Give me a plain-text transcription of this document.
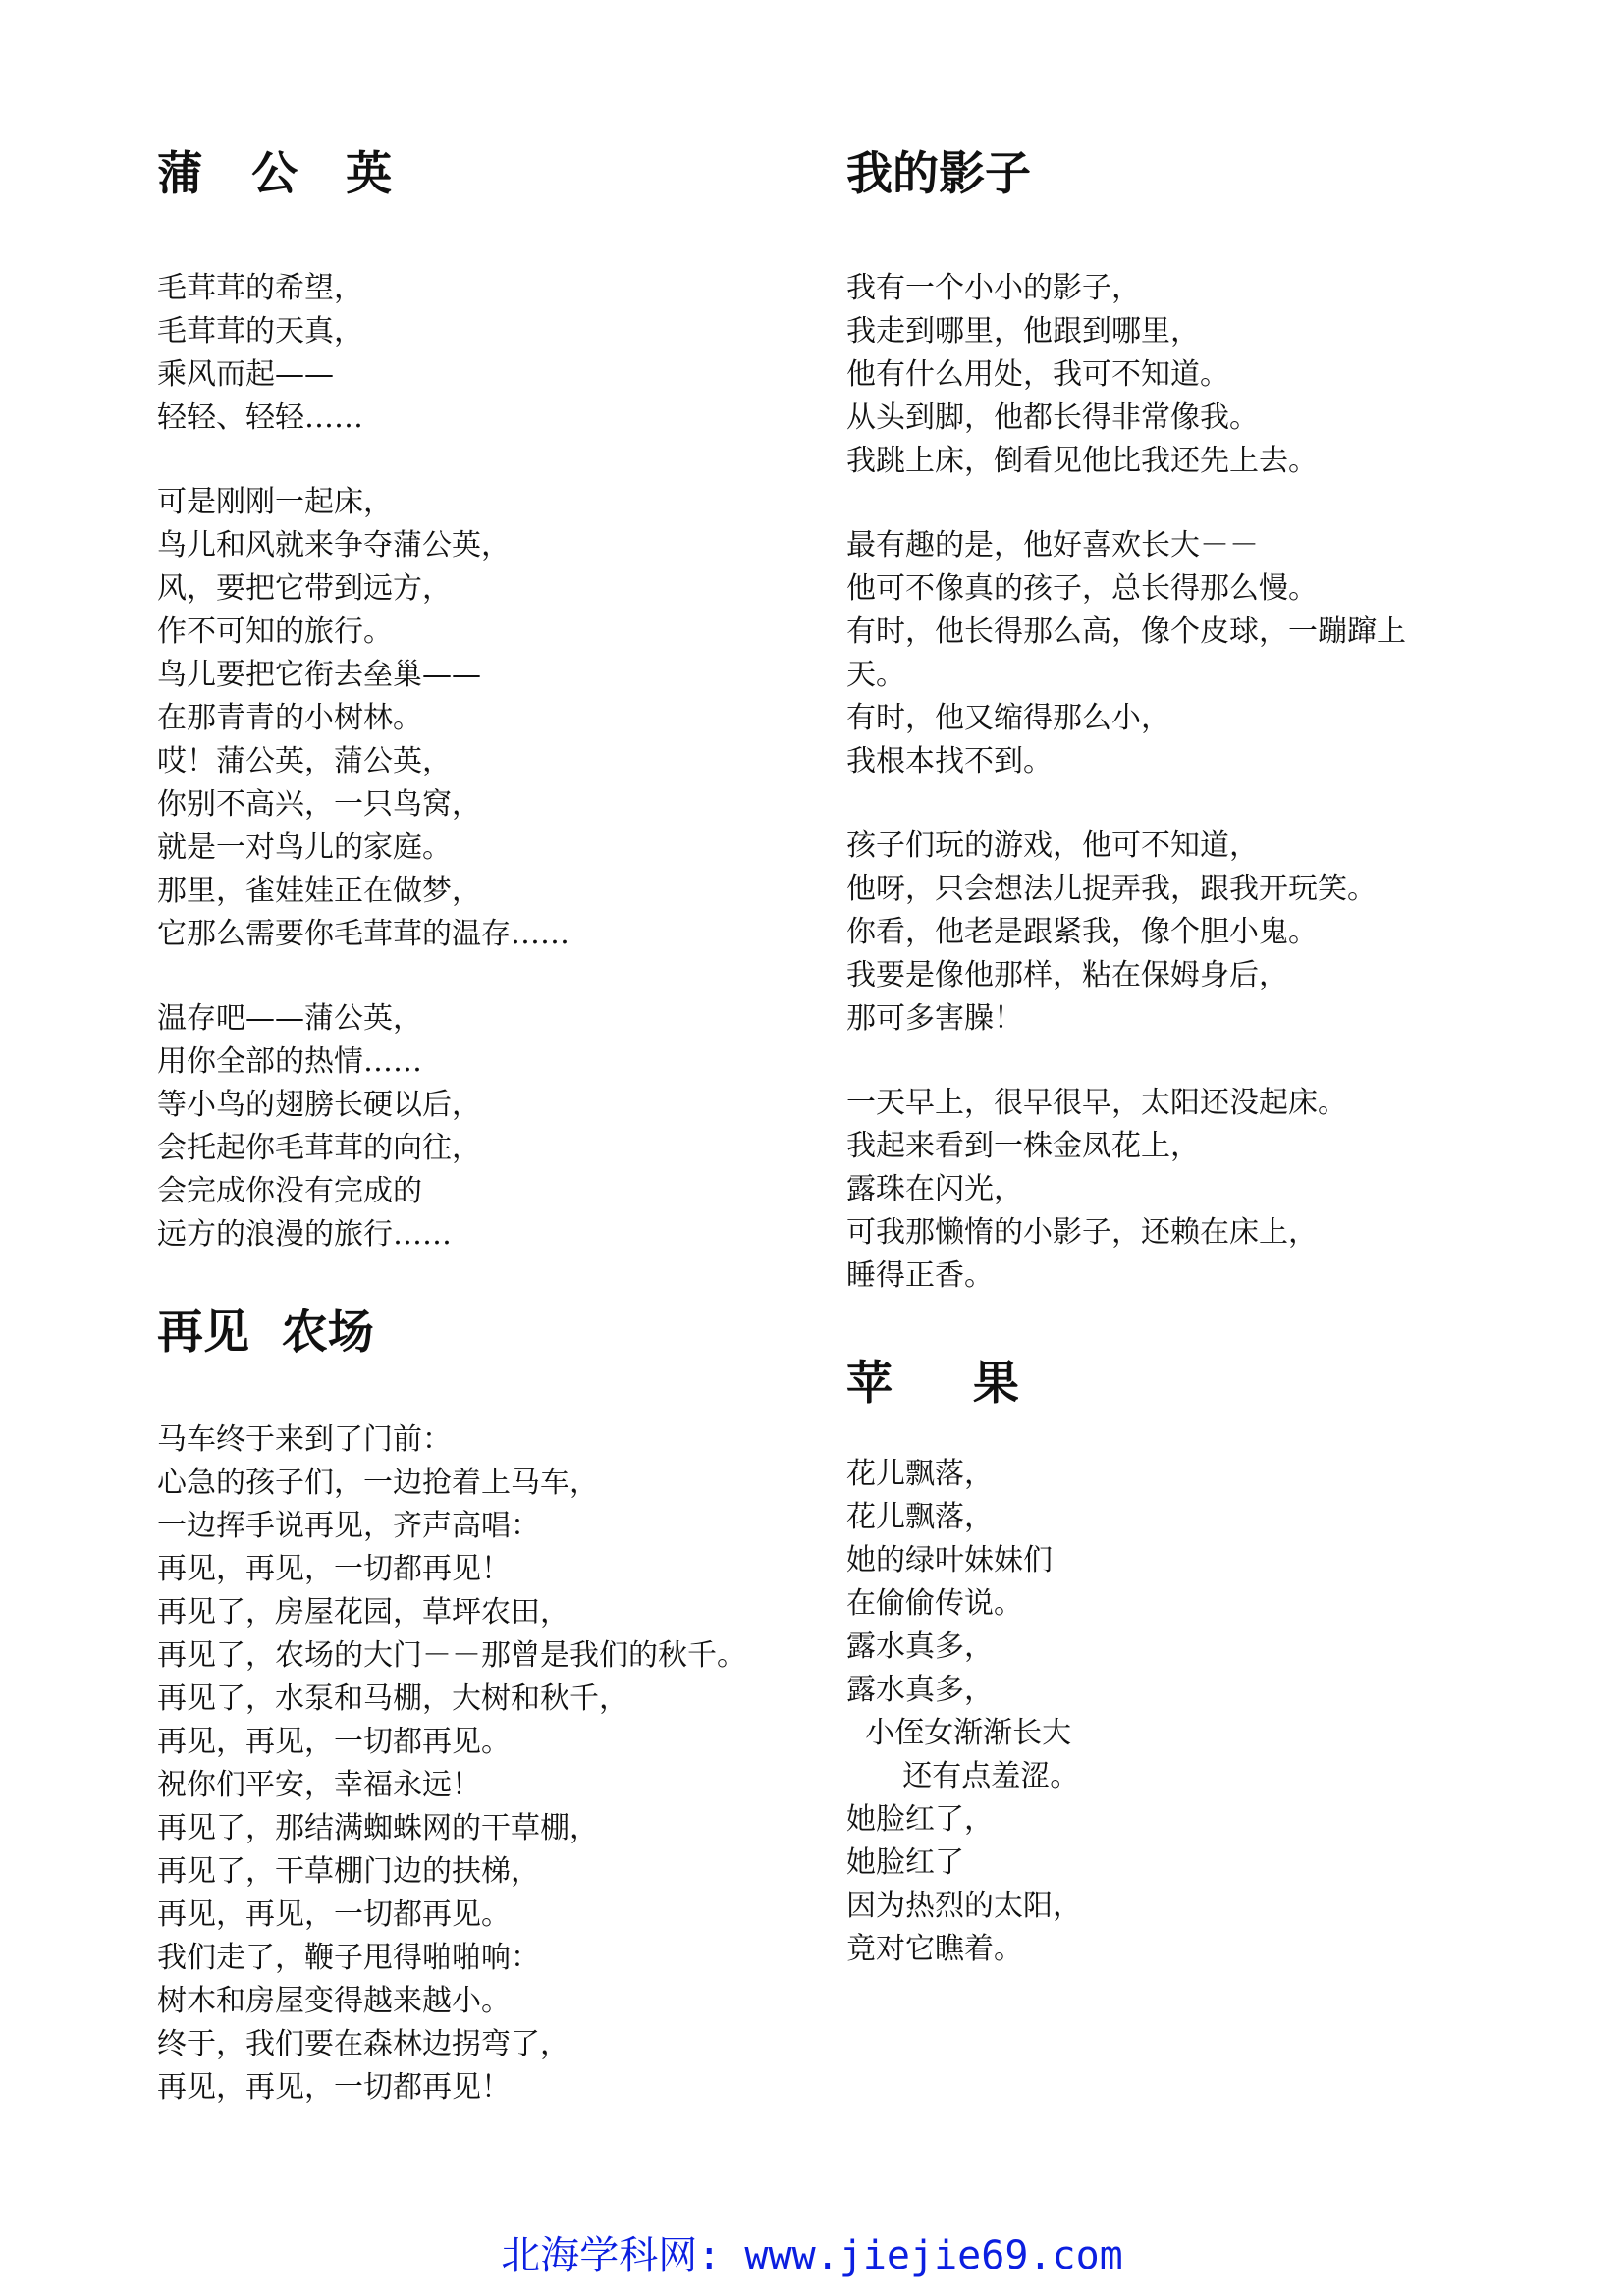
蒲   公   英
毛茸茸的希望，
毛茸茸的天真，
乘风而起——
轻轻、轻轻……
可是刚刚一起床，
鸟儿和风就来争夺蒲公英，
风，要把它带到远方，
作不可知的旅行。
鸟儿要把它衔去垒巢——
在那青青的小树林。
哎！蒲公英，蒲公英，
你别不高兴，一只鸟窝，
就是一对鸟儿的家庭。
那里，雀娃娃正在做梦，
它那么需要你毛茸茸的温存……
温存吧——蒲公英，
用你全部的热情……
等小鸟的翅膀长硬以后，
会托起你毛茸茸的向往，
会完成你没有完成的
远方的浪漫的旅行……
再见  农场
马车终于来到了门前：
心急的孩子们，一边抢着上马车，
一边挥手说再见，齐声高唱：
再见，再见，一切都再见！
再见了，房屋花园，草坪农田，
再见了，农场的大门－－那曾是我们的秋千。
再见了，水泵和马棚，大树和秋千，
再见，再见，一切都再见。
祝你们平安，幸福永远！
再见了，那结满蜘蛛网的干草棚，
再见了，干草棚门边的扶梯，
再见，再见，一切都再见。
我们走了，鞭子甩得啪啪响：
树木和房屋变得越来越小。
终于，我们要在森林边拐弯了，
再见，再见，一切都再见！
我的影子
我有一个小小的影子，
我走到哪里，他跟到哪里，
他有什么用处，我可不知道。
从头到脚，他都长得非常像我。
我跳上床，倒看见他比我还先上去。
最有趣的是，他好喜欢长大－－
他可不像真的孩子，总长得那么慢。
有时，他长得那么高，像个皮球，一蹦蹿上
天。
有时，他又缩得那么小，
我根本找不到。
孩子们玩的游戏，他可不知道，
他呀，只会想法儿捉弄我，跟我开玩笑。
你看，他老是跟紧我，像个胆小鬼。
我要是像他那样，粘在保姆身后，
那可多害臊！
一天早上，很早很早，太阳还没起床。
我起来看到一株金凤花上，
露珠在闪光，
可我那懒惰的小影子，还赖在床上，
睡得正香。
苹     果
花儿飘落，
花儿飘落，
她的绿叶妹妹们
在偷偷传说。
露水真多，
露水真多，
小侄女渐渐长大
还有点羞涩。
她脸红了，
她脸红了
因为热烈的太阳，
竟对它瞧着。
北海学科网: www.jiejie69.com
